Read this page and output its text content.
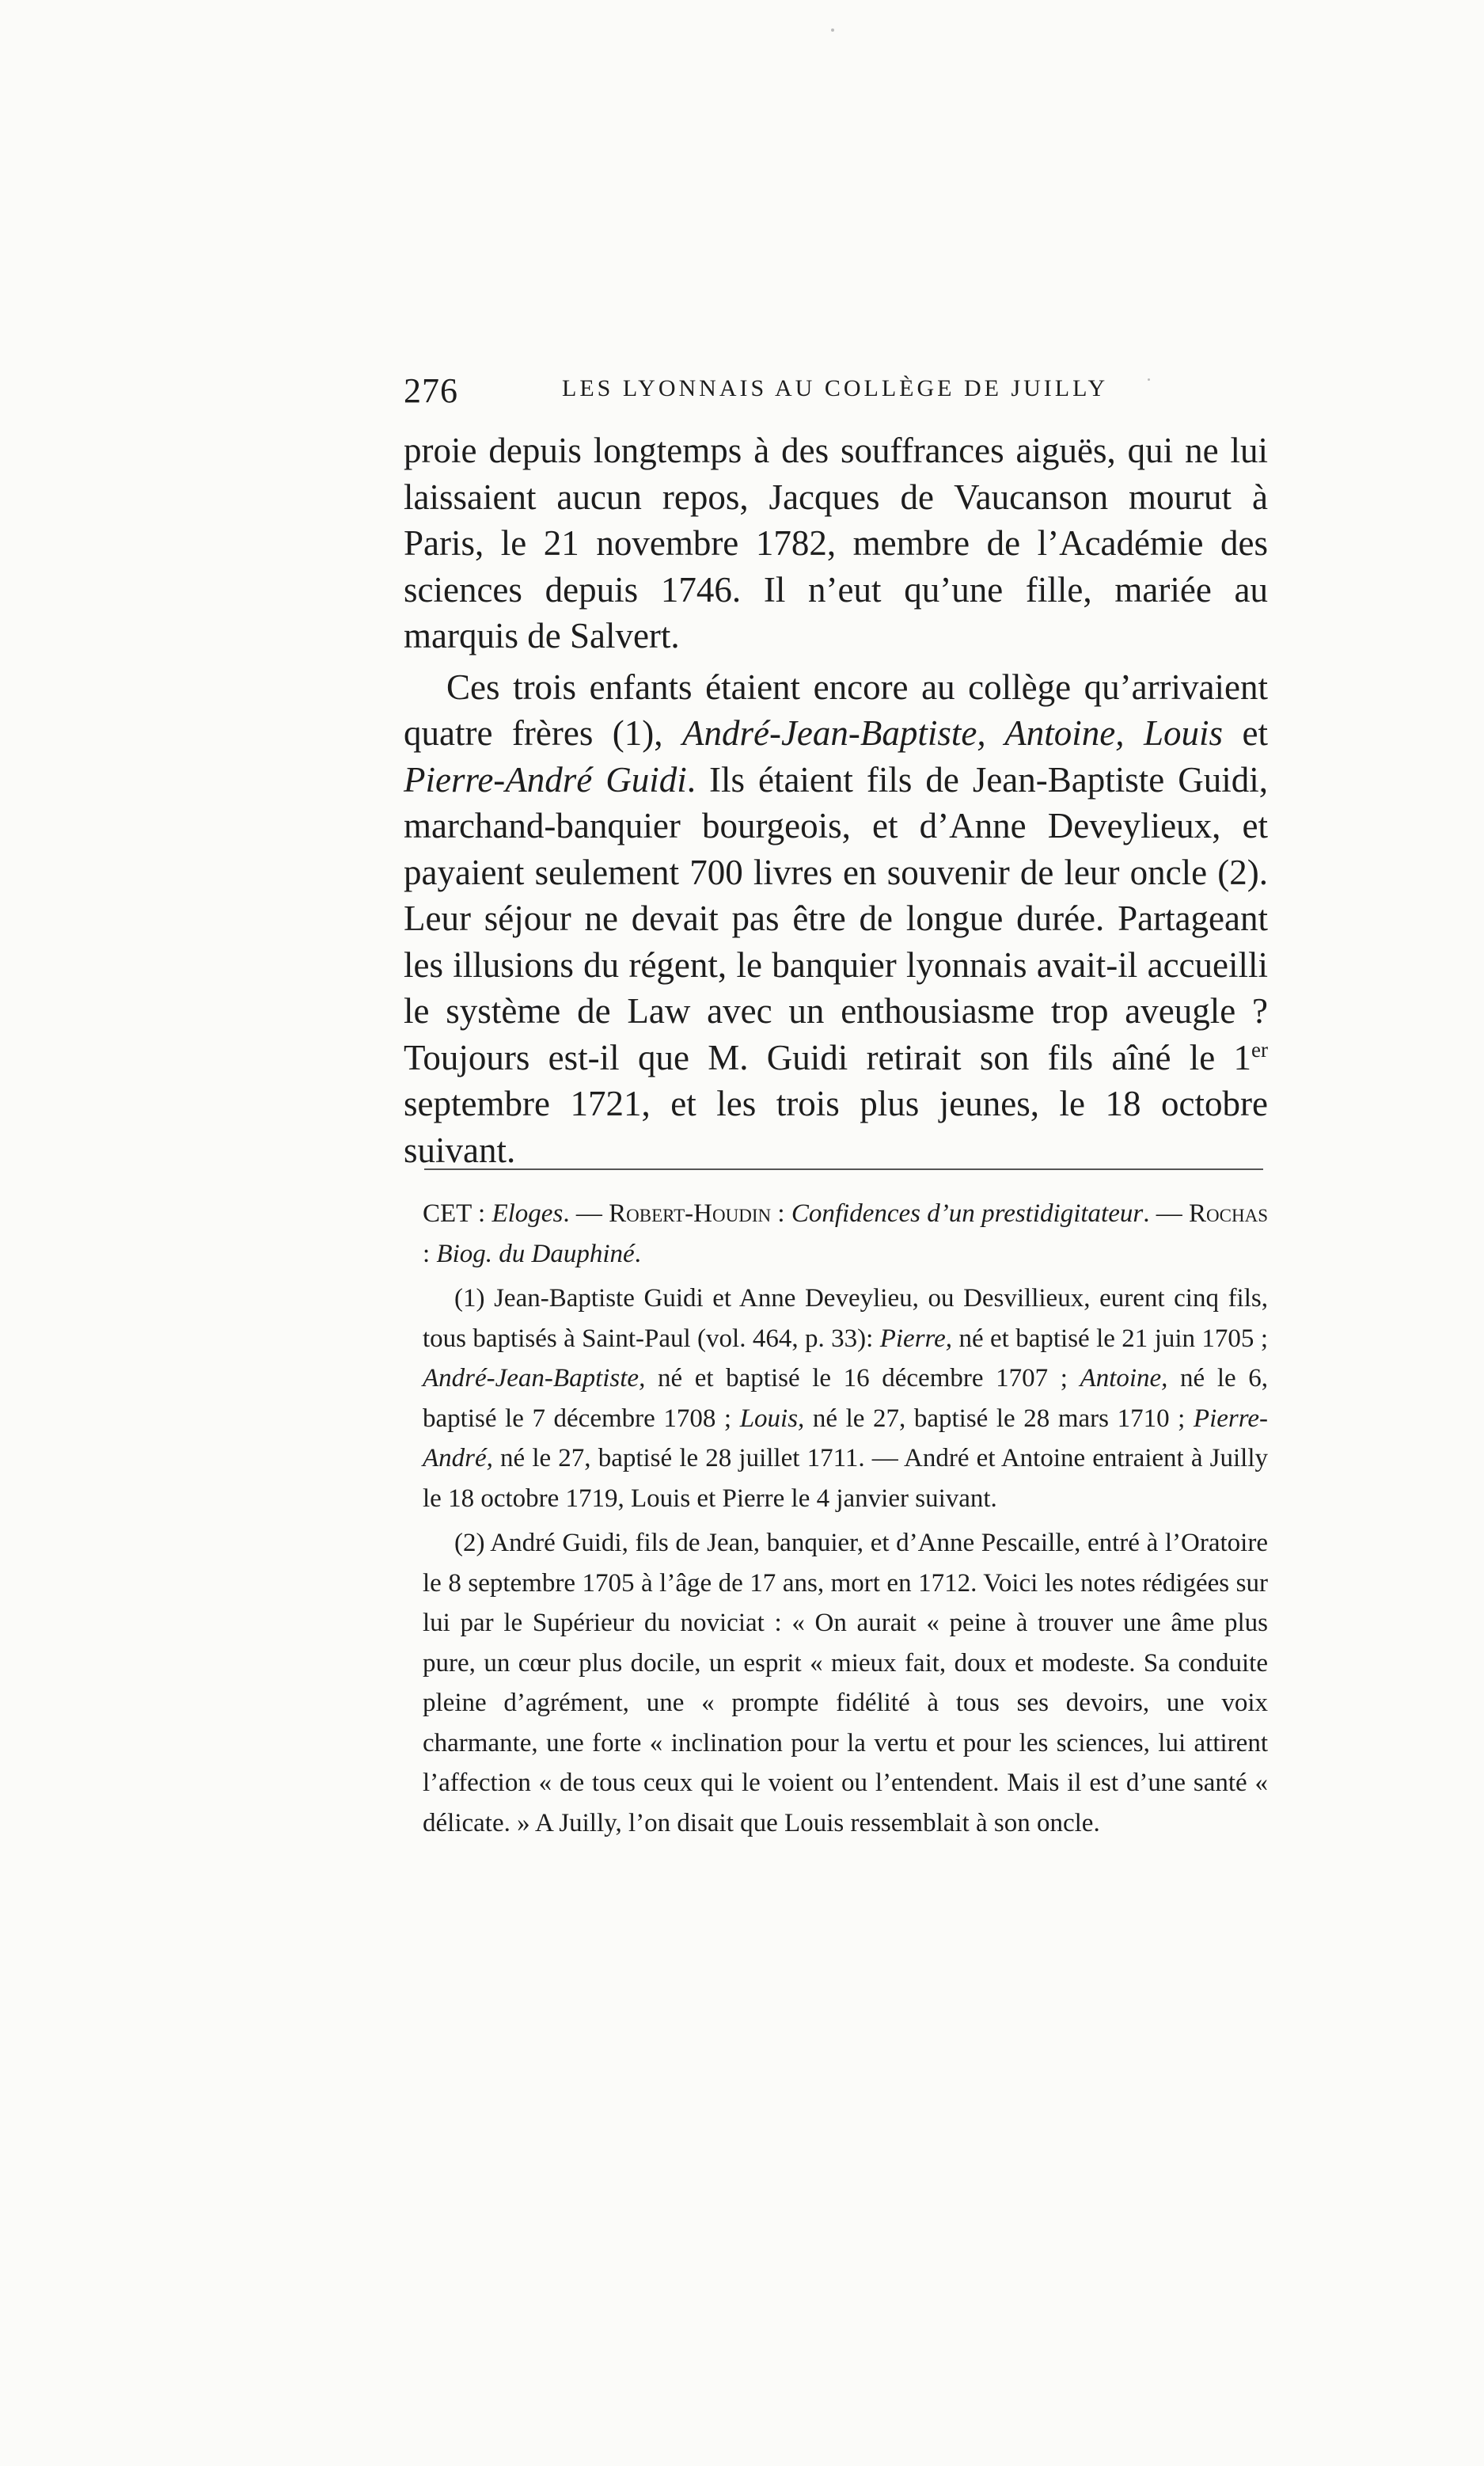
276	LES LYONNAIS AU COLLÈGE DE JUILLY

proie depuis longtemps à des souffrances aiguës, qui ne lui laissaient aucun repos, Jacques de Vaucanson mourut à Paris, le 21 novembre 1782, membre de l’Académie des sciences depuis 1746. Il n’eut qu’une fille, mariée au marquis de Salvert.

Ces trois enfants étaient encore au collège qu’arrivaient quatre frères (1), André-Jean-Baptiste, Antoine, Louis et Pierre-André Guidi. Ils étaient fils de Jean-Baptiste Guidi, marchand-banquier bourgeois, et d’Anne Deveylieux, et payaient seulement 700 livres en souvenir de leur oncle (2). Leur séjour ne devait pas être de longue durée. Partageant les illusions du régent, le banquier lyonnais avait-il accueilli le système de Law avec un enthousiasme trop aveugle ? Toujours est-il que M. Guidi retirait son fils aîné le 1er septembre 1721, et les trois plus jeunes, le 18 octobre suivant.

CET : Eloges. — Robert-Houdin : Confidences d’un prestidigitateur. — Rochas : Biog. du Dauphiné.

(1) Jean-Baptiste Guidi et Anne Deveylieu, ou Desvillieux, eurent cinq fils, tous baptisés à Saint-Paul (vol. 464, p. 33): Pierre, né et baptisé le 21 juin 1705 ; André-Jean-Baptiste, né et baptisé le 16 décembre 1707 ; Antoine, né le 6, baptisé le 7 décembre 1708 ; Louis, né le 27, baptisé le 28 mars 1710 ; Pierre-André, né le 27, baptisé le 28 juillet 1711. — André et Antoine entraient à Juilly le 18 octobre 1719, Louis et Pierre le 4 janvier suivant.

(2) André Guidi, fils de Jean, banquier, et d’Anne Pescaille, entré à l’Oratoire le 8 septembre 1705 à l’âge de 17 ans, mort en 1712. Voici les notes rédigées sur lui par le Supérieur du noviciat : « On aurait « peine à trouver une âme plus pure, un cœur plus docile, un esprit « mieux fait, doux et modeste. Sa conduite pleine d’agrément, une « prompte fidélité à tous ses devoirs, une voix charmante, une forte « inclination pour la vertu et pour les sciences, lui attirent l’affection « de tous ceux qui le voient ou l’entendent. Mais il est d’une santé « délicate. » A Juilly, l’on disait que Louis ressemblait à son oncle.
